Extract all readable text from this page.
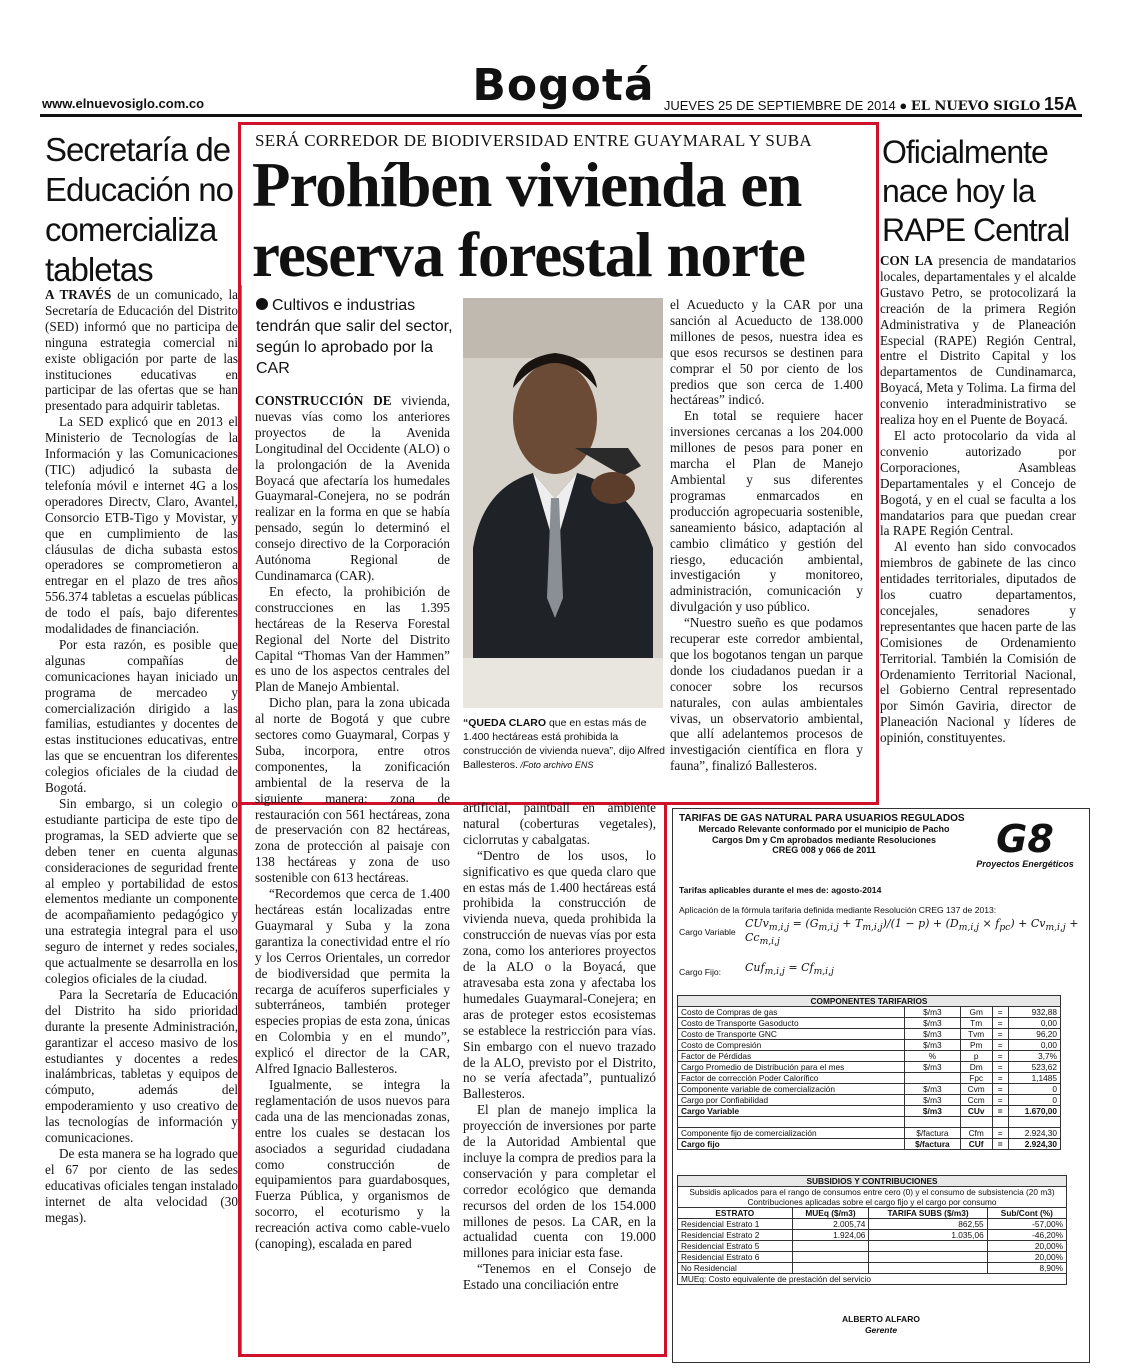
www.elnuevosiglo.com.co	Bogotá JUEVES 25 DE SEPTIEMBRE DE 2014 ● EL NUEVO SIGLO 15A
Secretaría de Educación no comercializa tabletas

A TRAVÉS de un comunicado, la Secretaría de Educación del Distrito (SED) informó que no participa de ninguna estrategia comercial ni existe obligación por parte de las instituciones educativas en participar de las ofertas que se han presentado para adquirir tabletas.

La SED explicó que en 2013 el Ministerio de Tecnologías de la Información y las Comunicaciones (TIC) adjudicó la subasta de telefonía móvil e internet 4G a los operadores Directv, Claro, Avantel, Consorcio ETB-Tigo y Movistar, y que en cumplimiento de las cláusulas de dicha subasta estos operadores se comprometieron a entregar en el plazo de tres años 556.374 tabletas a escuelas públicas de todo el país, bajo diferentes modalidades de financiación.

Por esta razón, es posible que algunas compañías de comunicaciones hayan iniciado un programa de mercadeo y comercialización dirigido a las familias, estudiantes y docentes de estas instituciones educativas, entre las que se encuentran los diferentes colegios oficiales de la ciudad de Bogotá.

Sin embargo, si un colegio o estudiante participa de este tipo de programas, la SED advierte que se deben tener en cuenta algunas consideraciones de seguridad frente al empleo y portabilidad de estos elementos mediante un componente de acompañamiento pedagógico y una estrategia integral para el uso seguro de internet y redes sociales, que actualmente se desarrolla en los colegios oficiales de la ciudad.

Para la Secretaría de Educación del Distrito ha sido prioridad durante la presente Administración, garantizar el acceso masivo de los estudiantes y docentes a redes inalámbricas, tabletas y equipos de cómputo, además del empoderamiento y uso creativo de las tecnologías de información y comunicaciones.

De esta manera se ha logrado que el 67 por ciento de las sedes educativas oficiales tengan instalado internet de alta velocidad (30 megas).

SERÁ CORREDOR DE BIODIVERSIDAD ENTRE GUAYMARAL Y SUBA
Prohíben vivienda en reserva forestal norte
Cultivos e industrias tendrán que salir del sector, según lo aprobado por la CAR
“QUEDA CLARO que en estas más de 1.400 hectáreas está prohibida la construcción de vivienda nueva”, dijo Alfred Ballesteros. /Foto archivo ENS

CONSTRUCCIÓN DE vivienda, nuevas vías como los anteriores proyectos de la Avenida Longitudinal del Occidente (ALO) o la prolongación de la Avenida Boyacá que afectaría los humedales Guaymaral-Conejera, no se podrán realizar en la forma en que se había pensado, según lo determinó el consejo directivo de la Corporación Autónoma Regional de Cundinamarca (CAR).

En efecto, la prohibición de construcciones en las 1.395 hectáreas de la Reserva Forestal Regional del Norte del Distrito Capital “Thomas Van der Hammen” es uno de los aspectos centrales del Plan de Manejo Ambiental.

Dicho plan, para la zona ubicada al norte de Bogotá y que cubre sectores como Guaymaral, Corpas y Suba, incorpora, entre otros componentes, la zonificación ambiental de la reserva de la siguiente manera: zona de restauración con 561 hectáreas, zona de preservación con 82 hectáreas, zona de protección al paisaje con 138 hectáreas y zona de uso sostenible con 613 hectáreas.

“Recordemos que cerca de 1.400 hectáreas están localizadas entre Guaymaral y Suba y la zona garantiza la conectividad entre el río y los Cerros Orientales, un corredor de biodiversidad que permita la recarga de acuíferos superficiales y subterráneos, también proteger especies propias de esta zona, únicas en Colombia y en el mundo”, explicó el director de la CAR, Alfred Ignacio Ballesteros.

Igualmente, se integra la reglamentación de usos nuevos para cada una de las mencionadas zonas, entre los cuales se destacan los asociados a seguridad ciudadana como construcción de equipamientos para guardabosques, Fuerza Pública, y organismos de socorro, el ecoturismo y la recreación activa como cable-vuelo (canoping), escalada en pared

artificial, paintball en ambiente natural (coberturas vegetales), ciclorrutas y cabalgatas.

“Dentro de los usos, lo significativo es que queda claro que en estas más de 1.400 hectáreas está prohibida la construcción de vivienda nueva, queda prohibida la construcción de nuevas vías por esta zona, como los anteriores proyectos de la ALO o la Boyacá, que atravesaba esta zona y afectaba los humedales Guaymaral-Conejera; en aras de proteger estos ecosistemas se establece la restricción para vías. Sin embargo con el nuevo trazado de la ALO, previsto por el Distrito, no se vería afectada”, puntualizó Ballesteros.

El plan de manejo implica la proyección de inversiones por parte de la Autoridad Ambiental que incluye la compra de predios para la conservación y para completar el corredor ecológico que demanda recursos del orden de los 154.000 millones de pesos. La CAR, en la actualidad cuenta con 19.000 millones para iniciar esta fase.

“Tenemos en el Consejo de Estado una conciliación entre

el Acueducto y la CAR por una sanción al Acueducto de 138.000 millones de pesos, nuestra idea es que esos recursos se destinen para comprar el 50 por ciento de los predios que son cerca de 1.400 hectáreas” indicó.

En total se requiere hacer inversiones cercanas a los 204.000 millones de pesos para poner en marcha el Plan de Manejo Ambiental y sus diferentes programas enmarcados en producción agropecuaria sostenible, saneamiento básico, adaptación al cambio climático y gestión del riesgo, educación ambiental, investigación y monitoreo, administración, comunicación y divulgación y uso público.

“Nuestro sueño es que podamos recuperar este corredor ambiental, que los bogotanos tengan un parque donde los ciudadanos puedan ir a conocer sobre los recursos naturales, con aulas ambientales vivas, un observatorio ambiental, que allí adelantemos procesos de investigación científica en flora y fauna”, finalizó Ballesteros.

Oficialmente nace hoy la RAPE Central

CON LA presencia de mandatarios locales, departamentales y el alcalde Gustavo Petro, se protocolizará la creación de la primera Región Administrativa y de Planeación Especial (RAPE) Región Central, entre el Distrito Capital y los departamentos de Cundinamarca, Boyacá, Meta y Tolima. La firma del convenio interadministrativo se realiza hoy en el Puente de Boyacá.

El acto protocolario da vida al convenio autorizado por Corporaciones, Asambleas Departamentales y el Concejo de Bogotá, y en el cual se faculta a los mandatarios para que puedan crear la RAPE Región Central.

Al evento han sido convocados miembros de gabinete de las cinco entidades territoriales, diputados de los cuatro departamentos, concejales, senadores y representantes que hacen parte de las Comisiones de Ordenamiento Territorial. También la Comisión de Ordenamiento Territorial Nacional, el Gobierno Central representado por Simón Gaviria, director de Planeación Nacional y líderes de opinión, constituyentes.

TARIFAS DE GAS NATURAL PARA USUARIOS REGULADOS
Mercado Relevante conformado por el municipio de Pacho
Cargos Dm y Cm aprobados mediante Resoluciones
CREG 008 y 066 de 2011	G8
Proyectos Energéticos
Tarifas aplicables durante el mes de: agosto-2014
Aplicación de la fórmula tarifaria definida mediante Resolución CREG 137 de 2013:
Cargo Variable
$CUv_{m,i,j} = (G_{m,i,j} + T_{m,i,j})/(1 - p) + (D_{m,i,j} \times f_{pc}) + Cv_{m,i,j} + Cc_{m,i,j}$
Cargo Fijo: $Cuf_{m,i,j} = Cf_{m,i,j}$
COMPONENTES TARIFARIOS				
Costo de Compras de gas	$/m3	Gm	=	932,88
Costo de Transporte Gasoducto	$/m3	Tm	=	0,00
Costo de Transporte GNC	$/m3	Tvm	=	96,20
Costo de Compresión	$/m3	Pm	=	0,00
Factor de Pérdidas	%	p	=	3,7%
Cargo Promedio de Distribución para el mes	$/m3	Dm	=	523,62
Factor de corrección Poder Calorífico		Fpc	=	1,1485
Componente variable de comercialización	$/m3	Cvm	=	0
Cargo por Confiabilidad	$/m3	Ccm	=	0
Cargo Variable	$/m3	CUv	=	1.670,00

Componente fijo de comercialización	$/factura	Cfm	=	2.924,30
Cargo fijo	$/factura	CUf	=	2.924,30
SUBSIDIOS Y CONTRIBUCIONES			
Subsidis aplicados para el rango de consumos entre cero (0) y el consumo de subsistencia (20 m3) Contribuciones aplicadas sobre el cargo fijo y el cargo por consumo			
ESTRATO	MUEq ($/m3)	TARIFA SUBS ($/m3)	Sub/Cont (%)
Residencial Estrato 1	2.005,74	862,55	-57,00%
Residencial Estrato 2	1.924,06	1.035,06	-46,20%
Residencial Estrato 5			20,00%
Residencial Estrato 6			20,00%
No Residencial			8,90%
MUEq: Costo equivalente de prestación del servicio			
ALBERTO ALFARO
Gerente
